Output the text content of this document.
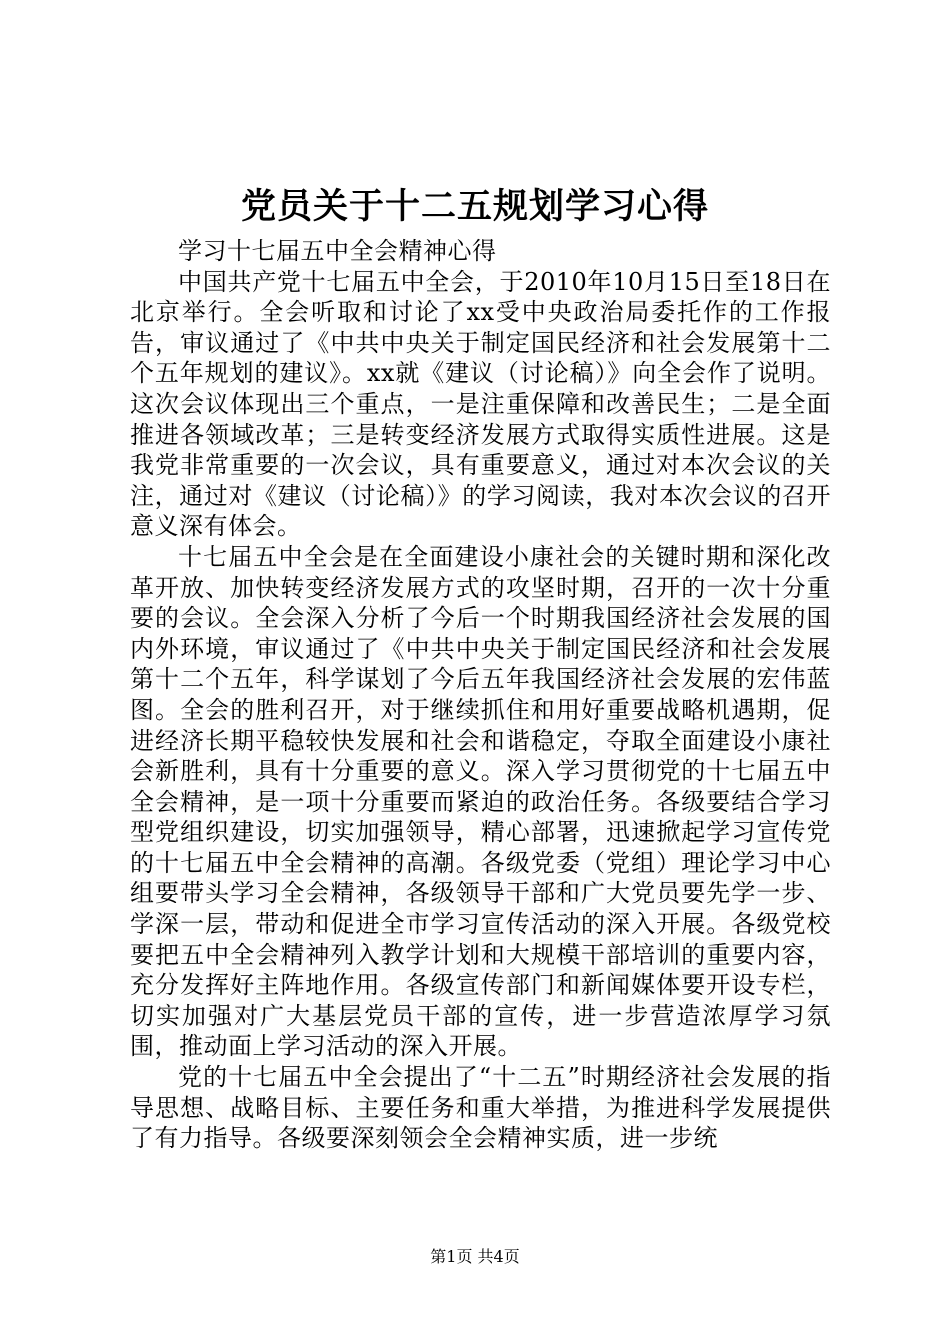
党员关于十二五规划学习心得

学习十七届五中全会精神心得

中国共产党十七届五中全会，于2010年10月15日至18日在北京举行。全会听取和讨论了xx受中央政治局委托作的工作报告，审议通过了《中共中央关于制定国民经济和社会发展第十二个五年规划的建议》。xx就《建议（讨论稿）》向全会作了说明。这次会议体现出三个重点，一是注重保障和改善民生；二是全面推进各领域改革；三是转变经济发展方式取得实质性进展。这是我党非常重要的一次会议，具有重要意义，通过对本次会议的关注，通过对《建议（讨论稿）》的学习阅读，我对本次会议的召开意义深有体会。

十七届五中全会是在全面建设小康社会的关键时期和深化改革开放、加快转变经济发展方式的攻坚时期，召开的一次十分重要的会议。全会深入分析了今后一个时期我国经济社会发展的国内外环境，审议通过了《中共中央关于制定国民经济和社会发展第十二个五年，科学谋划了今后五年我国经济社会发展的宏伟蓝图。全会的胜利召开，对于继续抓住和用好重要战略机遇期，促进经济长期平稳较快发展和社会和谐稳定，夺取全面建设小康社会新胜利，具有十分重要的意义。深入学习贯彻党的十七届五中全会精神，是一项十分重要而紧迫的政治任务。各级要结合学习型党组织建设，切实加强领导，精心部署，迅速掀起学习宣传党的十七届五中全会精神的高潮。各级党委（党组）理论学习中心组要带头学习全会精神，各级领导干部和广大党员要先学一步、学深一层，带动和促进全市学习宣传活动的深入开展。各级党校要把五中全会精神列入教学计划和大规模干部培训的重要内容，充分发挥好主阵地作用。各级宣传部门和新闻媒体要开设专栏，切实加强对广大基层党员干部的宣传，进一步营造浓厚学习氛围，推动面上学习活动的深入开展。

党的十七届五中全会提出了“十二五”时期经济社会发展的指导思想、战略目标、主要任务和重大举措，为推进科学发展提供了有力指导。各级要深刻领会全会精神实质，进一步统

第1页 共4页
